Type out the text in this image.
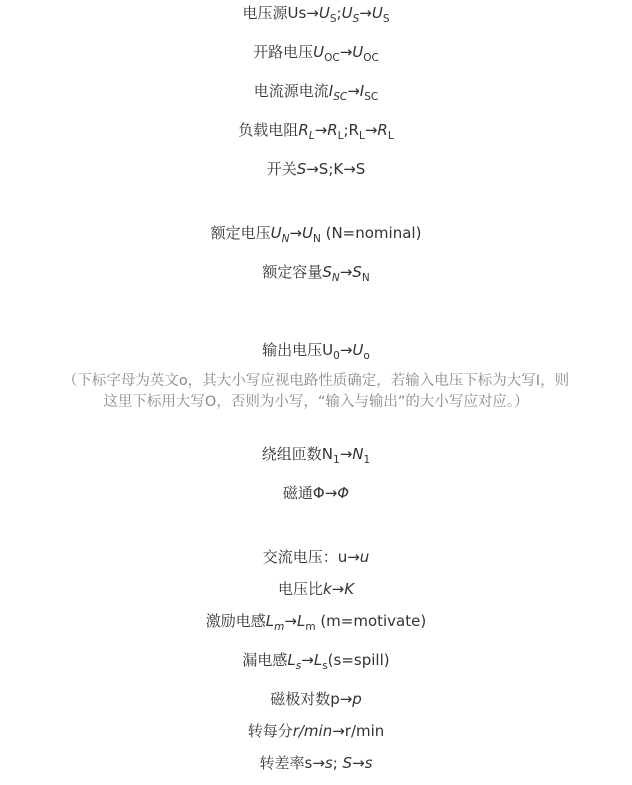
（下标字母为英文o，其大小写应视电路性质确定，若输入电压下标为大写I，则
这里下标用大写O，否则为小写，“输入与输出”的大小写应对应。）
电压源$Us\to U_S;U_S\to U_S$
开路电压$U_{OC}\to U_{OC}$
电流源电流$I_{SC}\to I_{SC}$
负载电阻$R_L\to R_L;R_L\to R_L$
开关S→S;K→S
额定电压$U_N\to U_N$ (N=nominal)
额定容量$S_N\to S_N$
输出电压$U_0\to U_o$
绕组匝数$N_1\to N_1$
磁通Φ→Φ
交流电压：u→u
电压比k→K
激励电感$L_m\to L_m$ (m=motivate)
漏电感$L_s\to L_s(s=spill)$
磁极对数p→p
转每分r/min→r/min
转差率s→s; S→s
